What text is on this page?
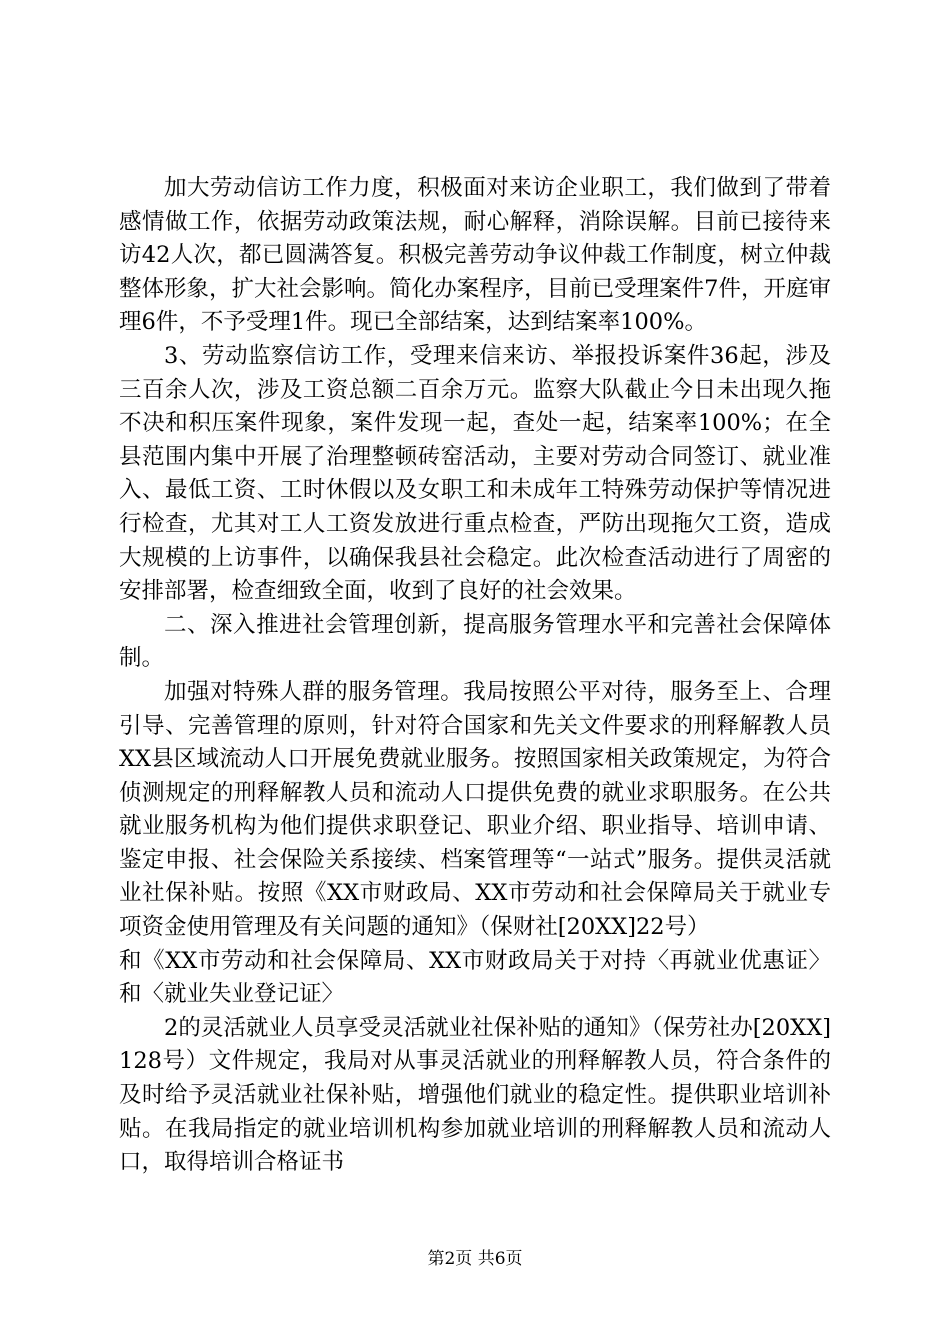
加大劳动信访工作力度，积极面对来访企业职工，我们做到了带着感情做工作，依据劳动政策法规，耐心解释，消除误解。目前已接待来访42人次，都已圆满答复。积极完善劳动争议仲裁工作制度，树立仲裁整体形象，扩大社会影响。简化办案程序，目前已受理案件7件，开庭审理6件，不予受理1件。现已全部结案，达到结案率100%。

3、劳动监察信访工作，受理来信来访、举报投诉案件36起，涉及三百余人次，涉及工资总额二百余万元。监察大队截止今日未出现久拖不决和积压案件现象，案件发现一起，查处一起，结案率100%；在全县范围内集中开展了治理整顿砖窑活动，主要对劳动合同签订、就业准入、最低工资、工时休假以及女职工和未成年工特殊劳动保护等情况进行检查，尤其对工人工资发放进行重点检查，严防出现拖欠工资，造成大规模的上访事件，以确保我县社会稳定。此次检查活动进行了周密的安排部署，检查细致全面，收到了良好的社会效果。

二、深入推进社会管理创新，提高服务管理水平和完善社会保障体制。

加强对特殊人群的服务管理。我局按照公平对待，服务至上、合理引导、完善管理的原则，针对符合国家和先关文件要求的刑释解教人员XX县区域流动人口开展免费就业服务。按照国家相关政策规定，为符合侦测规定的刑释解教人员和流动人口提供免费的就业求职服务。在公共就业服务机构为他们提供求职登记、职业介绍、职业指导、培训申请、鉴定申报、社会保险关系接续、档案管理等“一站式”服务。提供灵活就业社保补贴。按照《XX市财政局、XX市劳动和社会保障局关于就业专项资金使用管理及有关问题的通知》（保财社[20XX]22号）
和《XX市劳动和社会保障局、XX市财政局关于对持〈再就业优惠证〉和〈就业失业登记证〉

2的灵活就业人员享受灵活就业社保补贴的通知》（保劳社办[20XX]128号）文件规定，我局对从事灵活就业的刑释解教人员，符合条件的及时给予灵活就业社保补贴，增强他们就业的稳定性。提供职业培训补贴。在我局指定的就业培训机构参加就业培训的刑释解教人员和流动人口，取得培训合格证书

第2页 共6页
